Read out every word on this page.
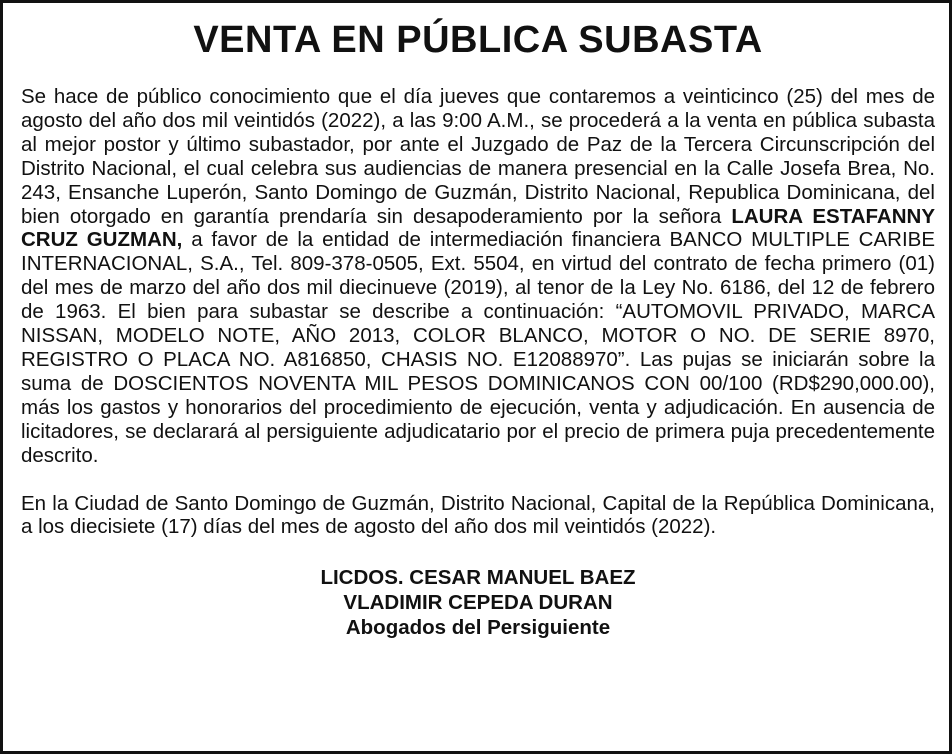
VENTA EN PÚBLICA SUBASTA

Se hace de público conocimiento que el día jueves que contaremos a veinticinco (25) del mes de agosto del año dos mil veintidós (2022), a las 9:00 A.M., se procederá a la venta en pública subasta al mejor postor y último subastador, por ante el Juzgado de Paz de la Tercera Circunscripción del Distrito Nacional, el cual celebra sus audiencias de manera presencial en la Calle Josefa Brea, No. 243, Ensanche Luperón, Santo Domingo de Guzmán, Distrito Nacional, Republica Dominicana, del bien otorgado en garantía prendaría sin desapoderamiento por la señora LAURA ESTAFANNY CRUZ GUZMAN, a favor de la entidad de intermediación financiera BANCO MULTIPLE CARIBE INTERNACIONAL, S.A., Tel. 809-378-0505, Ext. 5504, en virtud del contrato de fecha primero (01) del mes de marzo del año dos mil diecinueve (2019), al tenor de la Ley No. 6186, del 12 de febrero de 1963. El bien para subastar se describe a continuación: “AUTOMOVIL PRIVADO, MARCA NISSAN, MODELO NOTE, AÑO 2013, COLOR BLANCO, MOTOR O NO. DE SERIE 8970, REGISTRO O PLACA NO. A816850, CHASIS NO. E12088970”. Las pujas se iniciarán sobre la suma de DOSCIENTOS NOVENTA MIL PESOS DOMINICANOS CON 00/100 (RD$290,000.00), más los gastos y honorarios del procedimiento de ejecución, venta y adjudicación. En ausencia de licitadores, se declarará al persiguiente adjudicatario por el precio de primera puja precedentemente descrito.

En la Ciudad de Santo Domingo de Guzmán, Distrito Nacional, Capital de la República Dominicana, a los diecisiete (17) días del mes de agosto del año dos mil veintidós (2022).

LICDOS. CESAR MANUEL BAEZ
VLADIMIR CEPEDA DURAN
Abogados del Persiguiente
